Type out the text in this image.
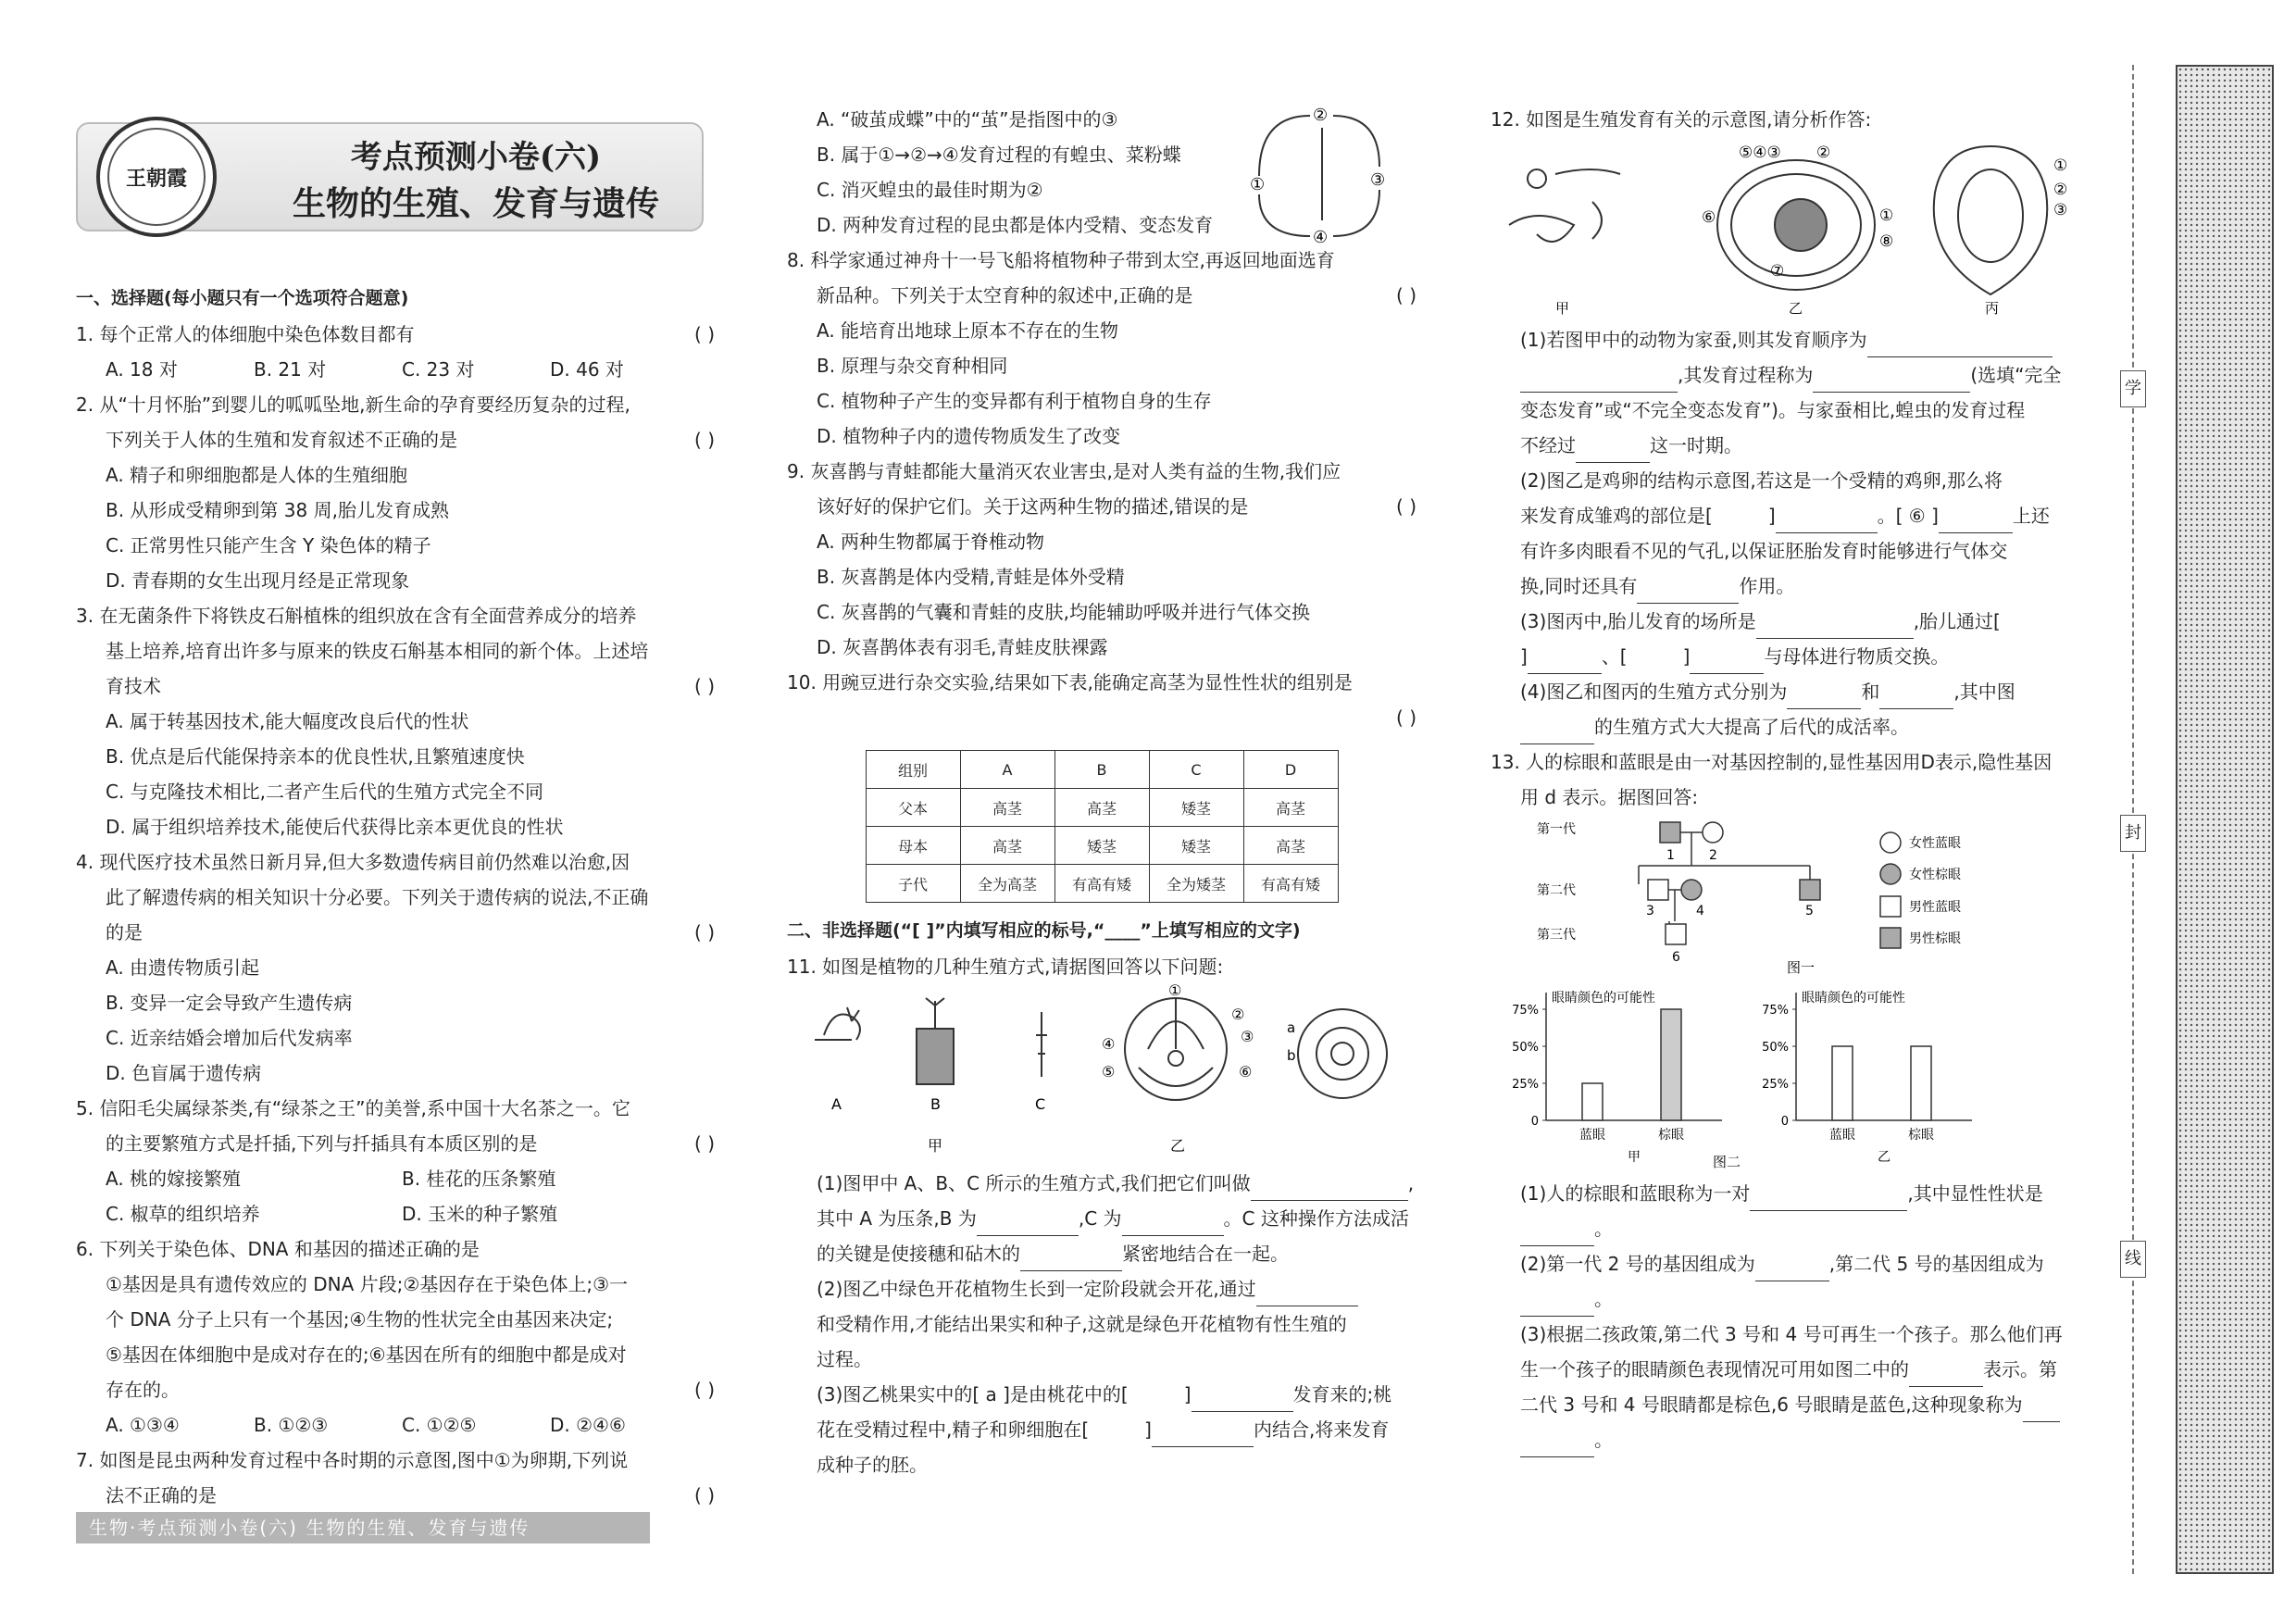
王朝霞
考点预测小卷(六)
生物的生殖、发育与遗传
一、选择题(每小题只有一个选项符合题意)
1. 每个正常人的体细胞中染色体数目都有	( )
A. 18 对	B. 21 对	C. 23 对	D. 46 对
2. 从“十月怀胎”到婴儿的呱呱坠地,新生命的孕育要经历复杂的过程,
下列关于人体的生殖和发育叙述不正确的是	( )
A. 精子和卵细胞都是人体的生殖细胞
B. 从形成受精卵到第 38 周,胎儿发育成熟
C. 正常男性只能产生含 Y 染色体的精子
D. 青春期的女生出现月经是正常现象
3. 在无菌条件下将铁皮石斛植株的组织放在含有全面营养成分的培养
基上培养,培育出许多与原来的铁皮石斛基本相同的新个体。上述培
育技术	( )
A. 属于转基因技术,能大幅度改良后代的性状
B. 优点是后代能保持亲本的优良性状,且繁殖速度快
C. 与克隆技术相比,二者产生后代的生殖方式完全不同
D. 属于组织培养技术,能使后代获得比亲本更优良的性状
4. 现代医疗技术虽然日新月异,但大多数遗传病目前仍然难以治愈,因
此了解遗传病的相关知识十分必要。下列关于遗传病的说法,不正确
的是	( )
A. 由遗传物质引起
B. 变异一定会导致产生遗传病
C. 近亲结婚会增加后代发病率
D. 色盲属于遗传病
5. 信阳毛尖属绿茶类,有“绿茶之王”的美誉,系中国十大名茶之一。它
的主要繁殖方式是扦插,下列与扦插具有本质区别的是	( )
A. 桃的嫁接繁殖	B. 桂花的压条繁殖
C. 椒草的组织培养	D. 玉米的种子繁殖
6. 下列关于染色体、DNA 和基因的描述正确的是
①基因是具有遗传效应的 DNA 片段;②基因存在于染色体上;③一
个 DNA 分子上只有一个基因;④生物的性状完全由基因来决定;
⑤基因在体细胞中是成对存在的;⑥基因在所有的细胞中都是成对
存在的。	( )
A. ①③④	B. ①②③	C. ①②⑤	D. ②④⑥
7. 如图是昆虫两种发育过程中各时期的示意图,图中①为卵期,下列说
法不正确的是	( )
生物·考点预测小卷(六) 生物的生殖、发育与遗传
A. “破茧成蝶”中的“茧”是指图中的③
B. 属于①→②→④发育过程的有蝗虫、菜粉蝶
C. 消灭蝗虫的最佳时期为②
D. 两种发育过程的昆虫都是体内受精、变态发育
8. 科学家通过神舟十一号飞船将植物种子带到太空,再返回地面选育
新品种。下列关于太空育种的叙述中,正确的是	( )
A. 能培育出地球上原本不存在的生物
B. 原理与杂交育种相同
C. 植物种子产生的变异都有利于植物自身的生存
D. 植物种子内的遗传物质发生了改变
9. 灰喜鹊与青蛙都能大量消灭农业害虫,是对人类有益的生物,我们应
该好好的保护它们。关于这两种生物的描述,错误的是	( )
A. 两种生物都属于脊椎动物
B. 灰喜鹊是体内受精,青蛙是体外受精
C. 灰喜鹊的气囊和青蛙的皮肤,均能辅助呼吸并进行气体交换
D. 灰喜鹊体表有羽毛,青蛙皮肤裸露
10. 用豌豆进行杂交实验,结果如下表,能确定高茎为显性性状的组别是
( )
组别	A	B	C	D
父本	高茎	高茎	矮茎	高茎
母本	高茎	矮茎	矮茎	高茎
子代	全为高茎	有高有矮	全为矮茎	有高有矮
二、非选择题(“[ ]”内填写相应的标号,“____”上填写相应的文字)
11. 如图是植物的几种生殖方式,请据图回答以下问题:
A	B	C
甲	乙
a
b
①
②
③
④
⑤	⑥
(1)图甲中 A、B、C 所示的生殖方式,我们把它们叫做	,
其中 A 为压条,B 为	,C 为	。C 这种操作方法成活
的关键是使接穗和砧木的	紧密地结合在一起。
(2)图乙中绿色开花植物生长到一定阶段就会开花,通过
和受精作用,才能结出果实和种子,这就是绿色开花植物有性生殖的
过程。
(3)图乙桃果实中的[ a ]是由桃花中的[	]	发育来的;桃
花在受精过程中,精子和卵细胞在[	]	内结合,将来发育
成种子的胚。
①
②
③
④
12. 如图是生殖发育有关的示意图,请分析作答:
甲	乙	丙
⑤④③ ②
⑥	①
⑧
⑦
①
②
③
(1)若图甲中的动物为家蚕,则其发育顺序为
,其发育过程称为	(选填“完全
变态发育”或“不完全变态发育”)。与家蚕相比,蝗虫的发育过程
不经过	这一时期。
(2)图乙是鸡卵的结构示意图,若这是一个受精的鸡卵,那么将
来发育成雏鸡的部位是[	]	。[ ⑥ ]	上还
有许多肉眼看不见的气孔,以保证胚胎发育时能够进行气体交
换,同时还具有	作用。
(3)图丙中,胎儿发育的场所是	,胎儿通过[
]	、[	]	与母体进行物质交换。
(4)图乙和图丙的生殖方式分别为	和	,其中图
的生殖方式大大提高了后代的成活率。
13. 人的棕眼和蓝眼是由一对基因控制的,显性基因用D表示,隐性基因
用 d 表示。据图回答:
第一代
第二代
第三代
1	2
3	4	5
6
女性蓝眼
女性棕眼
男性蓝眼
男性棕眼
图一
眼睛颜色的可能性
0
25%
50%
75%
蓝眼	棕眼
甲
眼睛颜色的可能性
0
25%
50%
75%
蓝眼	棕眼
乙
图二
(1)人的棕眼和蓝眼称为一对	,其中显性性状是
。
(2)第一代 2 号的基因组成为	,第二代 5 号的基因组成为
。
(3)根据二孩政策,第二代 3 号和 4 号可再生一个孩子。那么他们再
生一个孩子的眼睛颜色表现情况可用如图二中的	表示。第
二代 3 号和 4 号眼睛都是棕色,6 号眼睛是蓝色,这种现象称为
。
学
封
线
